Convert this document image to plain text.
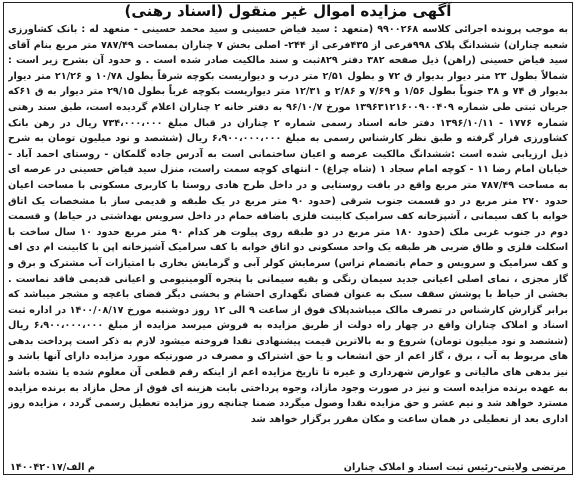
آگهی مزایده اموال غیر منقول (اسناد رهنی)
به موجب پرونده اجرائی کلاسه ۹۹۰۰۲۶۸ (متعهد : سید فیاض حسینی و سید محمد حسینی - متعهد له : بانک کشاورزی شعبه چناران) ششدانگ پلاک ۹۹۸فرعی از ۴۳۵فرعی از ۲۴۴- اصلی بخش ۷ چناران بمساحت ۷۸۷/۴۹ متر مربع بنام آقای سید فیاض حسینی (راهن) ذیل صفحه ۳۸۲ دفتر ۸۲۹ثبت و سند مالکیت صادر شده است . و حدود آن بشرح زیر است : شمالاً بطول ۲۳ متر دیوار بدیوار ق ۷۲ و بطول ۲/۵۱ متر درب و دیواریست بکوچه شرقاً بطول ۱۰/۷۸ و ۲۱/۲۶ متر دیوار بدیوار ق ۷۴ و ۳۸ جنوباً بطول ۱/۵۶ و ۷/۶۹ و ۲/۸۶ و ۱۲/۳۱ متر دیواریست بکوچه غرباً بطول ۲۹/۱۵ متر دیوار به ق ۶۱که جریان ثبتی طی شماره ۱۳۹۶۳۱۲۱۶۰۰۹۰۰۴۰۹ مورخ ۹۶/۱۰/۷ به دفتر خانه ۲ چناران اعلام گردیده است، طبق سند رهنی شماره ۱۷۷۶ - ۱۳۹۶/۱۰/۱۱ دفتر خانه اسناد رسمی شماره ۲ چناران در قبال مبلغ ۷۳۴،۰۰۰،۰۰۰ ریال در رهن بانک کشاورزی قرار گرفته و طبق نظر کارشناس رسمی به مبلغ ۶،۹۰۰،۰۰۰،۰۰۰ ریال (ششصد و نود میلیون تومان به شرح ذیل ارزیابی شده است :ششدانگ مالکیت عرصه و اعیان ساختمانی است به آدرس جاده گلمکان - روستای احمد آباد - خیابان امام رضا ۱۱ - کوچه امام سجاد ۱ (شاه چراغ) - انتهای کوچه سمت راست، منزل سید فیاض حسینی در عرصه ای به مساحت ۷۸۷/۴۹ متر مربع واقع در بافت روستایی و در داخل طرح هادی روستا با کاربری مسکونی با مساحت اعیان حدود ۲۷۰ متر مربع در دو قسمت جنوب شرقی (حدود ۹۰ متر مربع در یک طبقه و قدیمی ساز با مشخصات یک اتاق خوابه با کف سیمانی ، آشپزخانه کف سرامیک کابینت فلزی باضافه حمام در داخل سرویس بهداشتی در حیاط) و قسمت دوم در جنوب غربی ملک (حدود ۱۸۰ متر مربع در دو طبقه روی پیلوت هر کدام ۹۰ متر مربع حدود ۱۰ سال ساخت با اسکلت فلزی و طاق ضربی هر طبقه یک واحد مسکونی دو اتاق خوابه با کف سرامیک آشپزخانه اپن با کابینت ام دی اف و کف سرامیک و سرویس و حمام باتضمام تراس) سرمایش کولر آبی و گرمایش بخاری با امتیازات آب مشترک و برق و گاز مجزی ، نمای اصلی اعیانی جدید سیمان رنگی و بقیه سیمانی با پنجره آلومینیومی و اعیانی قدیمی فاقد نماست . بخشی از حیاط با پوشش سقف سبک به عنوان فضای نگهداری احشام و بخشی دیگر فضای باغچه و مشجر میباشد که برابر گزارش کارشناس در تصرف مالک میباشدپلاک فوق از ساعت ۹ الی ۱۲ روز دوشنبه مورخ ۱۴۰۰/۰۸/۱۷ در اداره ثبت اسناد و املاک چناران واقع در چهار راه دولت از طریق مزایده به فروش میرسد مزایده از مبلغ ۶،۹۰۰،۰۰۰،۰۰۰ ریال (ششصد و نود میلیون تومان) شروع و به بالاترین قیمت پیشنهادی نقدا فروخته میشود لازم به ذکر است پرداخت بدهی های مربوط به آب ، برق ، گاز اعم از حق انشعاب و یا حق اشتراک و مصرف در صورتیکه مورد مزایده دارای آنها باشد و نیز بدهی های مالیاتی و عوارض شهرداری و غیره تا تاریخ مزایده اعم از اینکه رقم قطعی آن معلوم شده یا نشده باشد به عهده برنده مزایده است و نیز در صورت وجود مازاد، وجوه پرداختی بابت هزینه ای فوق از محل مازاد به برنده مزایده مسترد خواهد شد و نیم عشر و حق مزایده نقدا وصول میگردد ضمنا چنانچه روز مزایده تعطیل رسمی گردد ، مزایده روز اداری بعد از تعطیلی در همان ساعت و مکان مقرر برگزار خواهد شد
مرتضی ولایتی-رئیس ثبت اسناد و املاک چناران
۱۴۰۰۴۲۰۱۷/م الف
